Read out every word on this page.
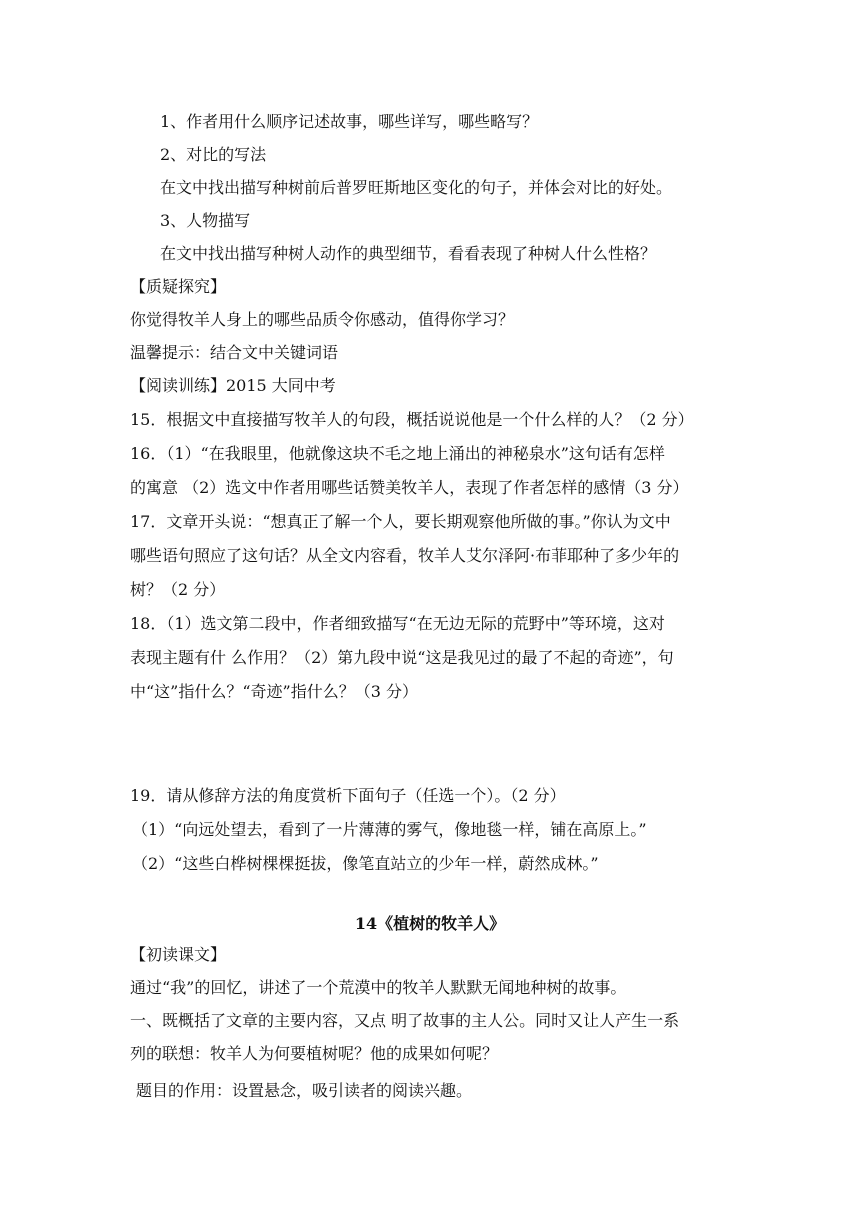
1、作者用什么顺序记述故事，哪些详写，哪些略写？
2、对比的写法
在文中找出描写种树前后普罗旺斯地区变化的句子，并体会对比的好处。
3、人物描写
在文中找出描写种树人动作的典型细节，看看表现了种树人什么性格？
【质疑探究】
你觉得牧羊人身上的哪些品质令你感动，值得你学习？
温馨提示：结合文中关键词语
【阅读训练】2015 大同中考
15．根据文中直接描写牧羊人的句段，概括说说他是一个什么样的人？（2 分）
16．（1）“在我眼里，他就像这块不毛之地上涌出的神秘泉水”这句话有怎样
的寓意 （2）选文中作者用哪些话赞美牧羊人，表现了作者怎样的感情（3 分）
17．文章开头说：“想真正了解一个人，要长期观察他所做的事。”你认为文中
哪些语句照应了这句话？从全文内容看，牧羊人艾尔泽阿·布菲耶种了多少年的
树？（2 分）
18．（1）选文第二段中，作者细致描写“在无边无际的荒野中”等环境，这对
表现主题有什 么作用？（2）第九段中说“这是我见过的最了不起的奇迹”，句
中“这”指什么？“奇迹”指什么？（3 分）
19．请从修辞方法的角度赏析下面句子（任选一个）。（2 分）
（1）“向远处望去，看到了一片薄薄的雾气，像地毯一样，铺在高原上。”
（2）“这些白桦树棵棵挺拔，像笔直站立的少年一样，蔚然成林。”
14《植树的牧羊人》
【初读课文】
通过“我”的回忆，讲述了一个荒漠中的牧羊人默默无闻地种树的故事。
一、既概括了文章的主要内容，又点 明了故事的主人公。同时又让人产生一系
列的联想：牧羊人为何要植树呢？他的成果如何呢？
题目的作用：设置悬念，吸引读者的阅读兴趣。
